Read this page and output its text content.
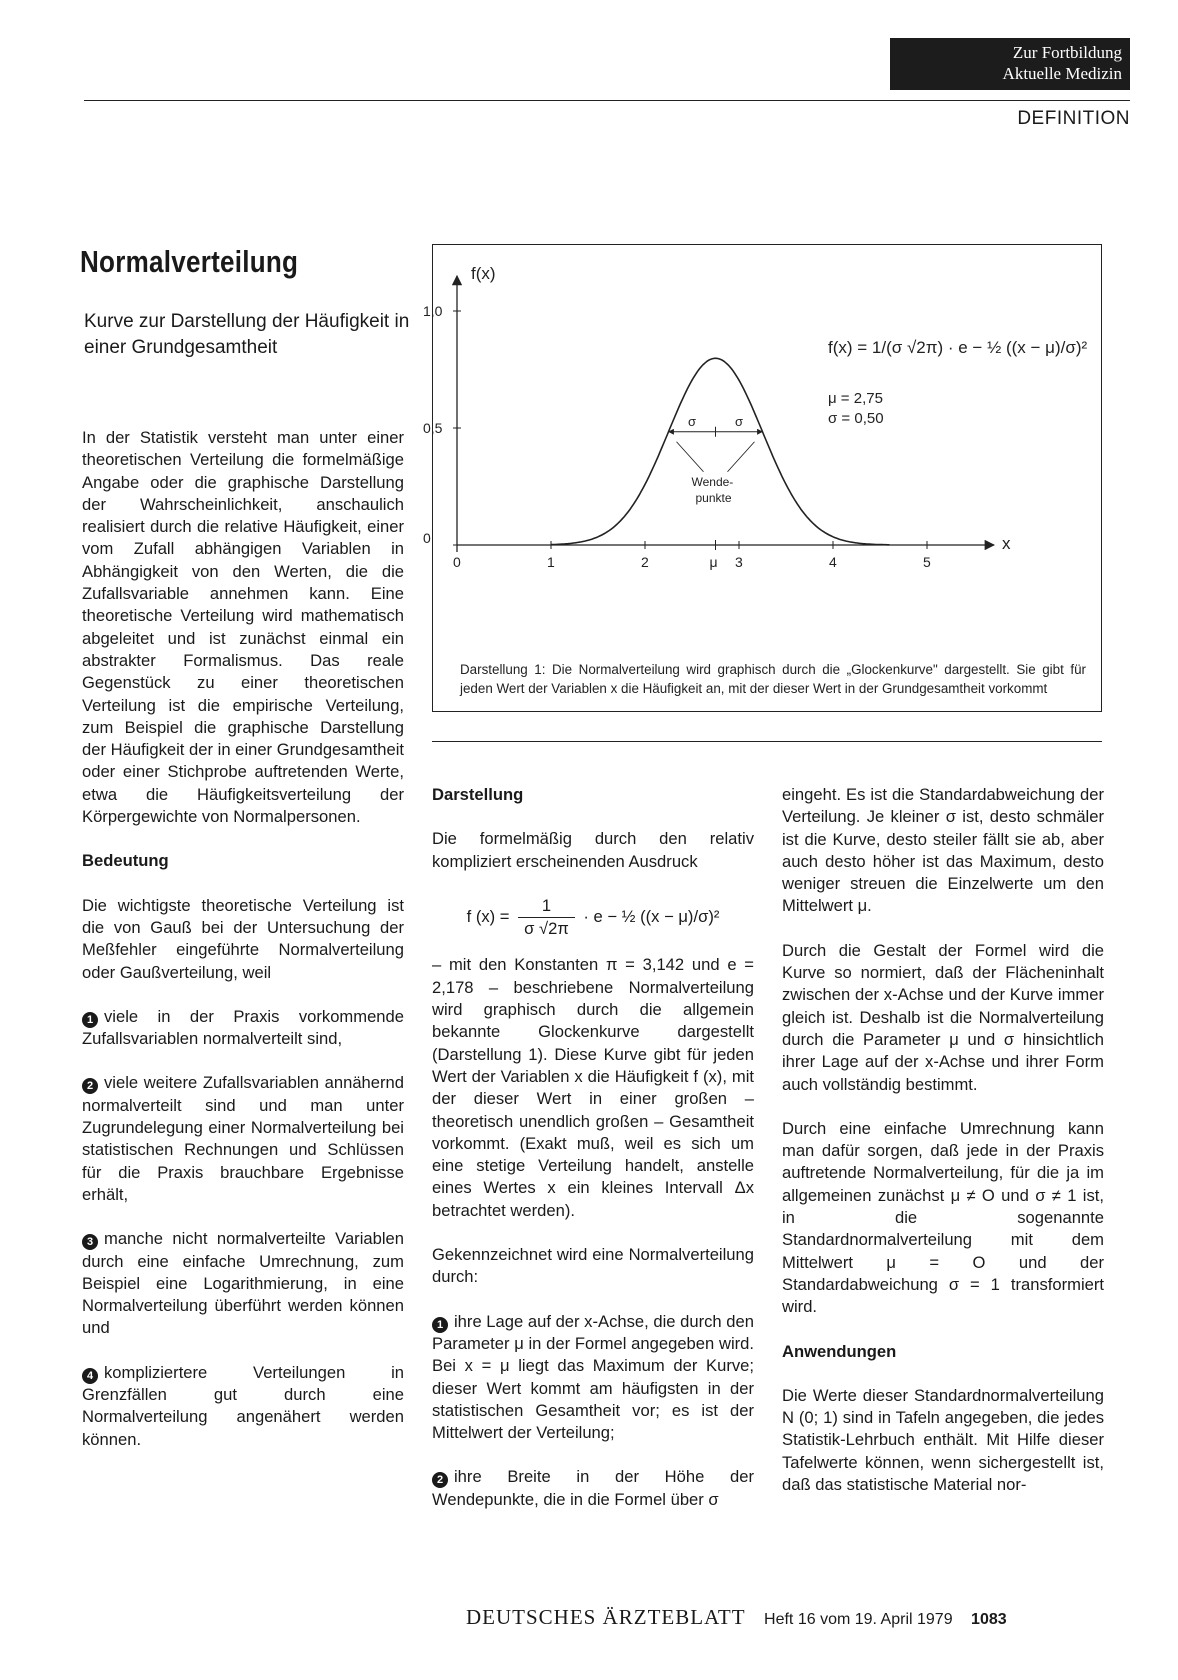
Zur Fortbildung
Aktuelle Medizin
DEFINITION
Normalverteilung
Kurve zur Darstellung der Häufigkeit in einer Grundgesamtheit

In der Statistik versteht man unter einer theoretischen Verteilung die formelmäßige Angabe oder die graphische Darstellung der Wahrscheinlichkeit, anschaulich realisiert durch die relative Häufigkeit, einer vom Zufall abhängigen Variablen in Abhängigkeit von den Werten, die die Zufallsvariable annehmen kann. Eine theoretische Verteilung wird mathematisch abgeleitet und ist zunächst einmal ein abstrakter Formalismus. Das reale Gegenstück zu einer theoretischen Verteilung ist die empirische Verteilung, zum Beispiel die graphische Darstellung der Häufigkeit der in einer Grundgesamtheit oder einer Stichprobe auftretenden Werte, etwa die Häufigkeitsverteilung der Körpergewichte von Normalpersonen.

Bedeutung

Die wichtigste theoretische Verteilung ist die von Gauß bei der Untersuchung der Meßfehler eingeführte Normalverteilung oder Gaußverteilung, weil

1 viele in der Praxis vorkommende Zufallsvariablen normalverteilt sind,

2 viele weitere Zufallsvariablen annähernd normalverteilt sind und man unter Zugrundelegung einer Normalverteilung bei statistischen Rechnungen und Schlüssen für die Praxis brauchbare Ergebnisse erhält,

3 manche nicht normalverteilte Variablen durch eine einfache Umrechnung, zum Beispiel eine Logarithmierung, in eine Normalverteilung überführt werden können und

4 kompliziertere Verteilungen in Grenzfällen gut durch eine Normalverteilung angenähert werden können.

0	1	2	3	4	5
0
0,5
1,0
f(x)
x
f(x) = 1/(σ √2π) · e − ½ ((x − μ)/σ)²
μ = 2,75
σ = 0,50
σ	σ
Wende-
punkte
μ
Darstellung 1: Die Normalverteilung wird graphisch durch die „Glockenkurve" dargestellt. Sie gibt für jeden Wert der Variablen x die Häufigkeit an, mit der dieser Wert in der Grundgesamtheit vorkommt
Darstellung

Die formelmäßig durch den relativ kompliziert erscheinenden Ausdruck

f $(x) = \frac{1}{\sigma √2\pi} \cdot e$ − ½ ((x − μ)/σ)²

– mit den Konstanten π = 3,142 und e = 2,178 – beschriebene Normalverteilung wird graphisch durch die allgemein bekannte Glockenkurve dargestellt (Darstellung 1). Diese Kurve gibt für jeden Wert der Variablen x die Häufigkeit f (x), mit der dieser Wert in einer großen – theoretisch unendlich großen – Gesamtheit vorkommt. (Exakt muß, weil es sich um eine stetige Verteilung handelt, anstelle eines Wertes x ein kleines Intervall Δx betrachtet werden).

Gekennzeichnet wird eine Normalverteilung durch:

1 ihre Lage auf der x-Achse, die durch den Parameter μ in der Formel angegeben wird. Bei x = μ liegt das Maximum der Kurve; dieser Wert kommt am häufigsten in der statistischen Gesamtheit vor; es ist der Mittelwert der Verteilung;

2 ihre Breite in der Höhe der Wendepunkte, die in die Formel über σ

eingeht. Es ist die Standardabweichung der Verteilung. Je kleiner σ ist, desto schmäler ist die Kurve, desto steiler fällt sie ab, aber auch desto höher ist das Maximum, desto weniger streuen die Einzelwerte um den Mittelwert μ.

Durch die Gestalt der Formel wird die Kurve so normiert, daß der Flächeninhalt zwischen der x-Achse und der Kurve immer gleich ist. Deshalb ist die Normalverteilung durch die Parameter μ und σ hinsichtlich ihrer Lage auf der x-Achse und ihrer Form auch vollständig bestimmt.

Durch eine einfache Umrechnung kann man dafür sorgen, daß jede in der Praxis auftretende Normalverteilung, für die ja im allgemeinen zunächst μ ≠ O und σ ≠ 1 ist, in die sogenannte Standardnormalverteilung mit dem Mittelwert μ = O und der Standardabweichung σ = 1 transformiert wird.

Anwendungen

Die Werte dieser Standardnormalverteilung N (0; 1) sind in Tafeln angegeben, die jedes Statistik-Lehrbuch enthält. Mit Hilfe dieser Tafelwerte können, wenn sichergestellt ist, daß das statistische Material nor-

DEUTSCHES ÄRZTEBLATT Heft 16 vom 19. April 1979 1083
